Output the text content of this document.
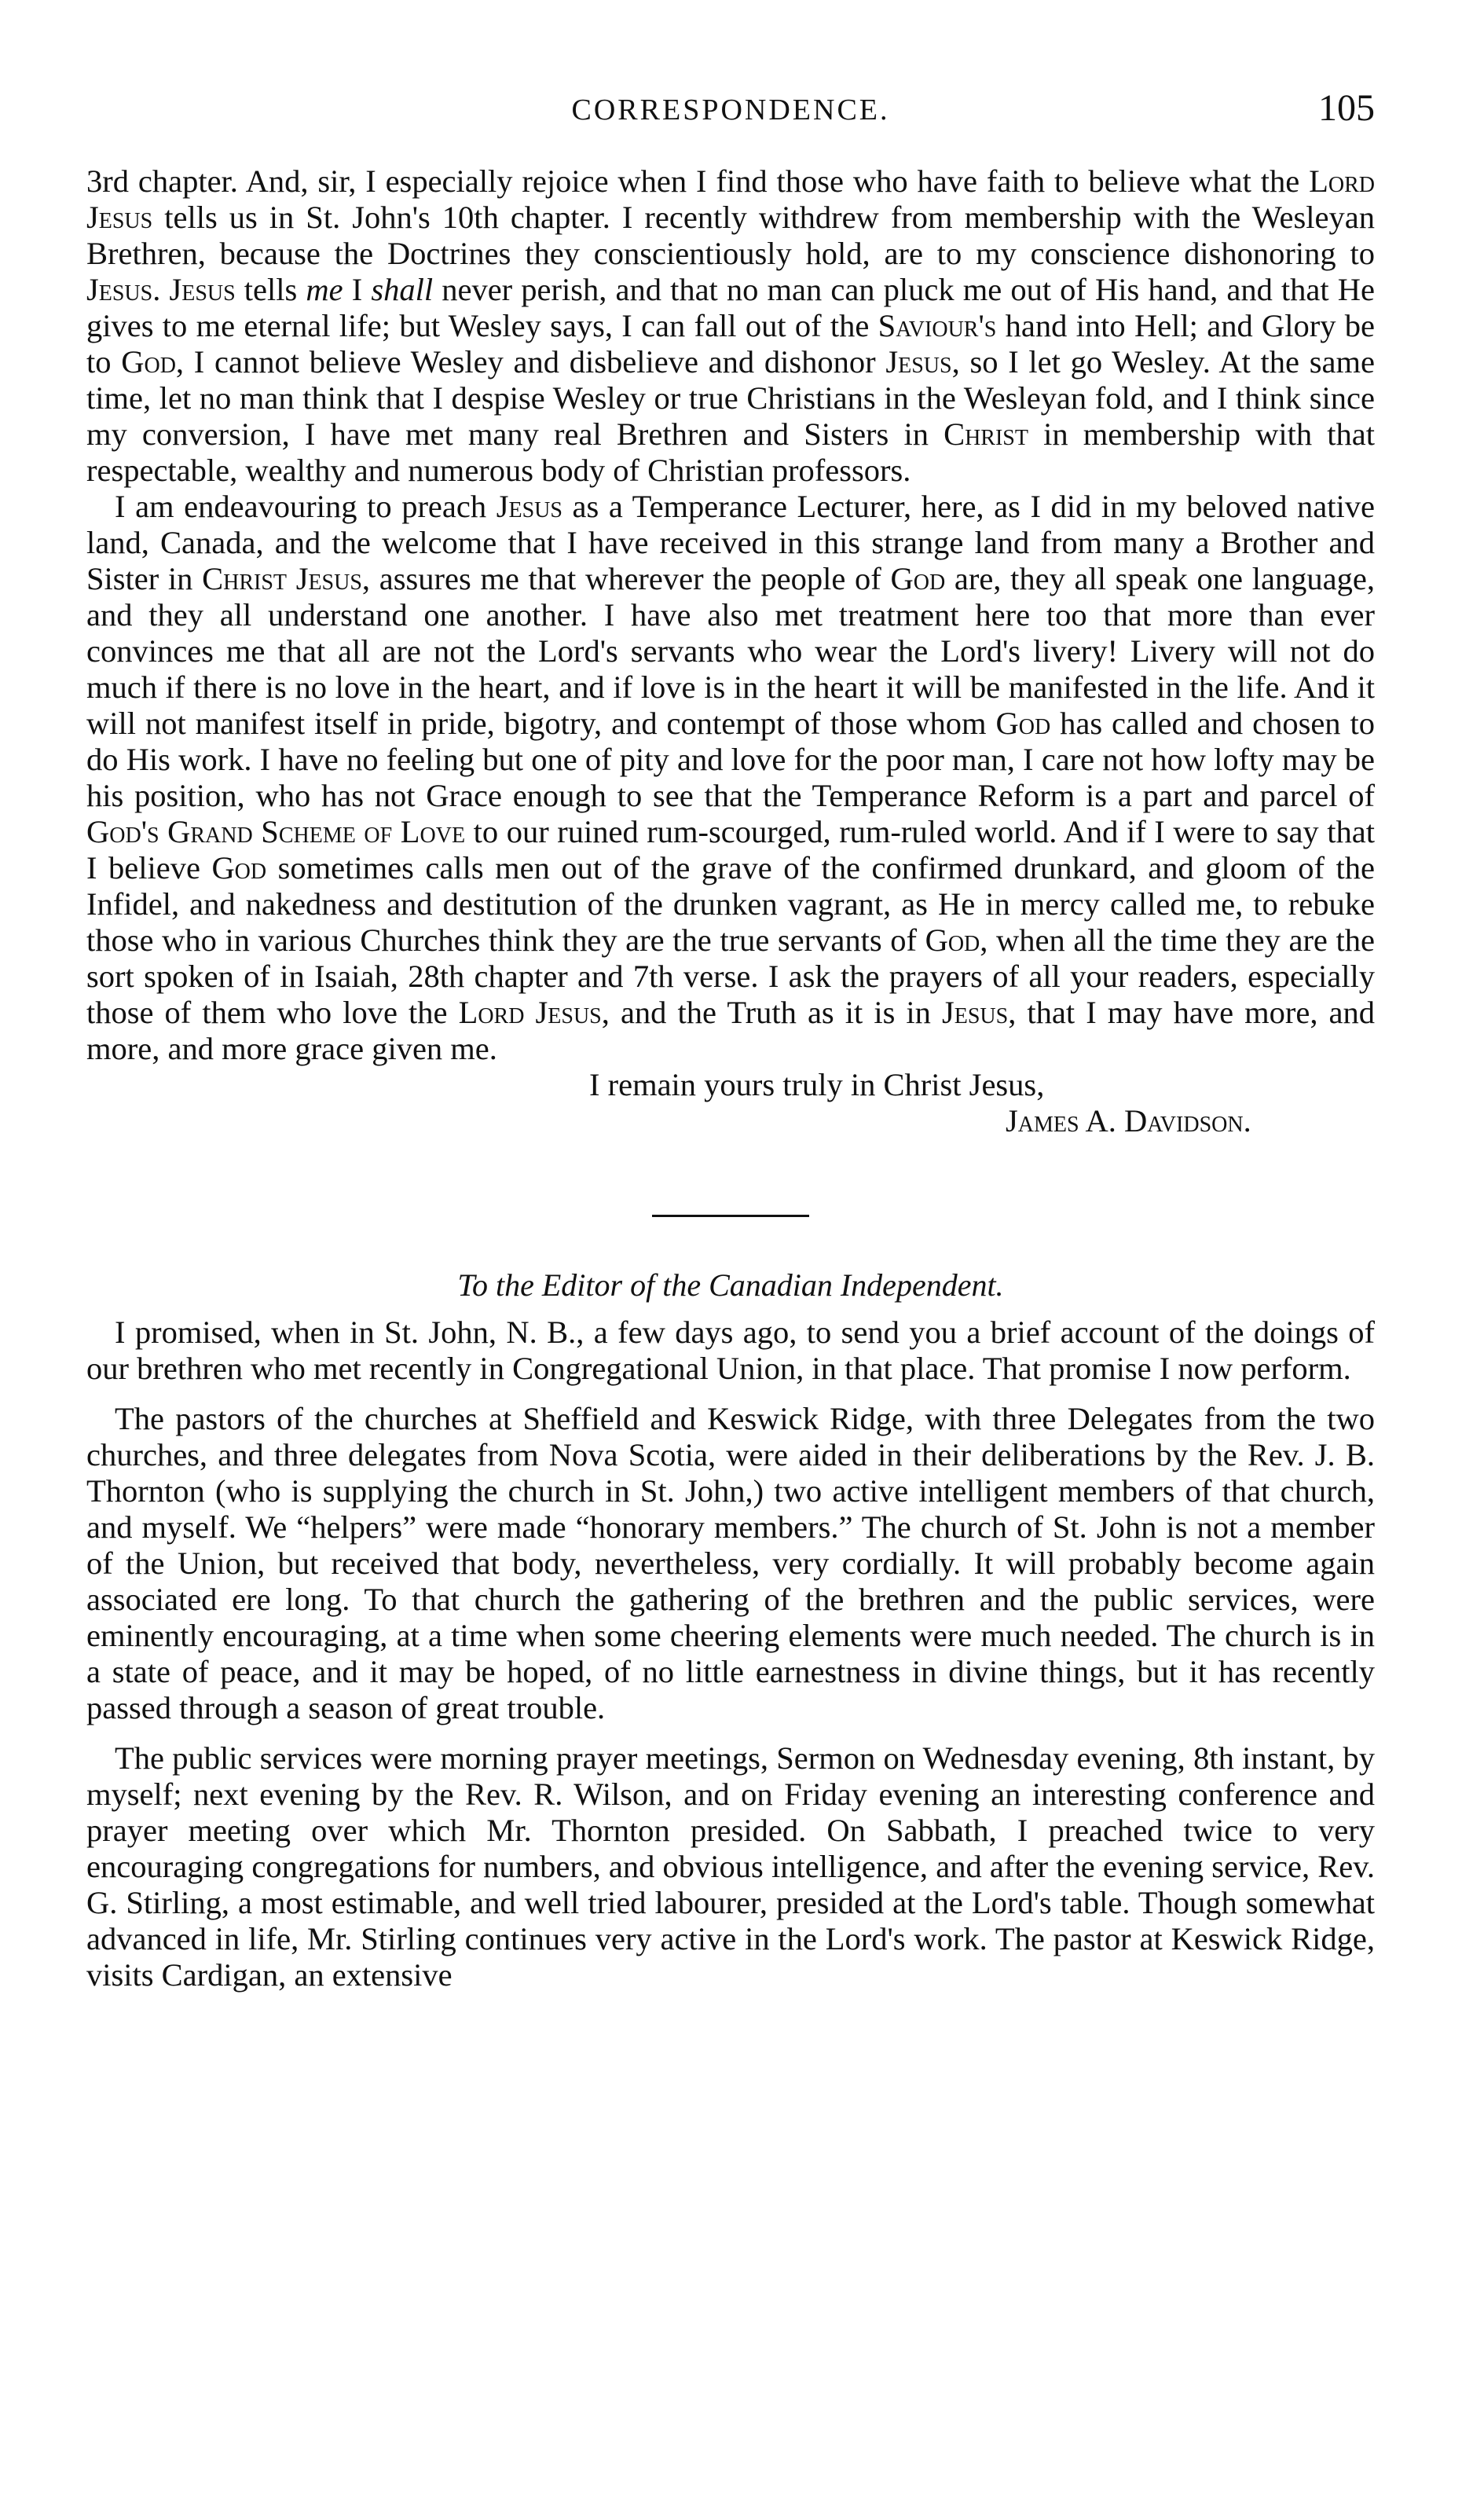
CORRESPONDENCE.	105

3rd chapter. And, sir, I especially rejoice when I find those who have faith to believe what the Lord Jesus tells us in St. John's 10th chapter. I recently withdrew from membership with the Wesleyan Brethren, because the Doctrines they conscientiously hold, are to my conscience dishonoring to Jesus. Jesus tells me I shall never perish, and that no man can pluck me out of His hand, and that He gives to me eternal life; but Wesley says, I can fall out of the Saviour's hand into Hell; and Glory be to God, I cannot believe Wesley and disbelieve and dishonor Jesus, so I let go Wesley. At the same time, let no man think that I despise Wesley or true Christians in the Wesleyan fold, and I think since my conversion, I have met many real Brethren and Sisters in Christ in membership with that respectable, wealthy and numerous body of Christian professors.

I am endeavouring to preach Jesus as a Temperance Lecturer, here, as I did in my beloved native land, Canada, and the welcome that I have received in this strange land from many a Brother and Sister in Christ Jesus, assures me that wherever the people of God are, they all speak one language, and they all understand one another. I have also met treatment here too that more than ever convinces me that all are not the Lord's servants who wear the Lord's livery! Livery will not do much if there is no love in the heart, and if love is in the heart it will be manifested in the life. And it will not manifest itself in pride, bigotry, and contempt of those whom God has called and chosen to do His work. I have no feeling but one of pity and love for the poor man, I care not how lofty may be his position, who has not Grace enough to see that the Temperance Reform is a part and parcel of God's Grand Scheme of Love to our ruined rum-scourged, rum-ruled world. And if I were to say that I believe God sometimes calls men out of the grave of the confirmed drunkard, and gloom of the Infidel, and nakedness and destitution of the drunken vagrant, as He in mercy called me, to rebuke those who in various Churches think they are the true servants of God, when all the time they are the sort spoken of in Isaiah, 28th chapter and 7th verse. I ask the prayers of all your readers, especially those of them who love the Lord Jesus, and the Truth as it is in Jesus, that I may have more, and more, and more grace given me.

I remain yours truly in Christ Jesus,
James A. Davidson.
To the Editor of the Canadian Independent.

I promised, when in St. John, N. B., a few days ago, to send you a brief account of the doings of our brethren who met recently in Congregational Union, in that place. That promise I now perform.

The pastors of the churches at Sheffield and Keswick Ridge, with three Delegates from the two churches, and three delegates from Nova Scotia, were aided in their deliberations by the Rev. J. B. Thornton (who is supplying the church in St. John,) two active intelligent members of that church, and myself. We “helpers” were made “honorary members.” The church of St. John is not a member of the Union, but received that body, nevertheless, very cordially. It will probably become again associated ere long. To that church the gathering of the brethren and the public services, were eminently encouraging, at a time when some cheering elements were much needed. The church is in a state of peace, and it may be hoped, of no little earnestness in divine things, but it has recently passed through a season of great trouble.

The public services were morning prayer meetings, Sermon on Wednesday evening, 8th instant, by myself; next evening by the Rev. R. Wilson, and on Friday evening an interesting conference and prayer meeting over which Mr. Thornton presided. On Sabbath, I preached twice to very encouraging congregations for numbers, and obvious intelligence, and after the evening service, Rev. G. Stirling, a most estimable, and well tried labourer, presided at the Lord's table. Though somewhat advanced in life, Mr. Stirling continues very active in the Lord's work. The pastor at Keswick Ridge, visits Cardigan, an extensive
